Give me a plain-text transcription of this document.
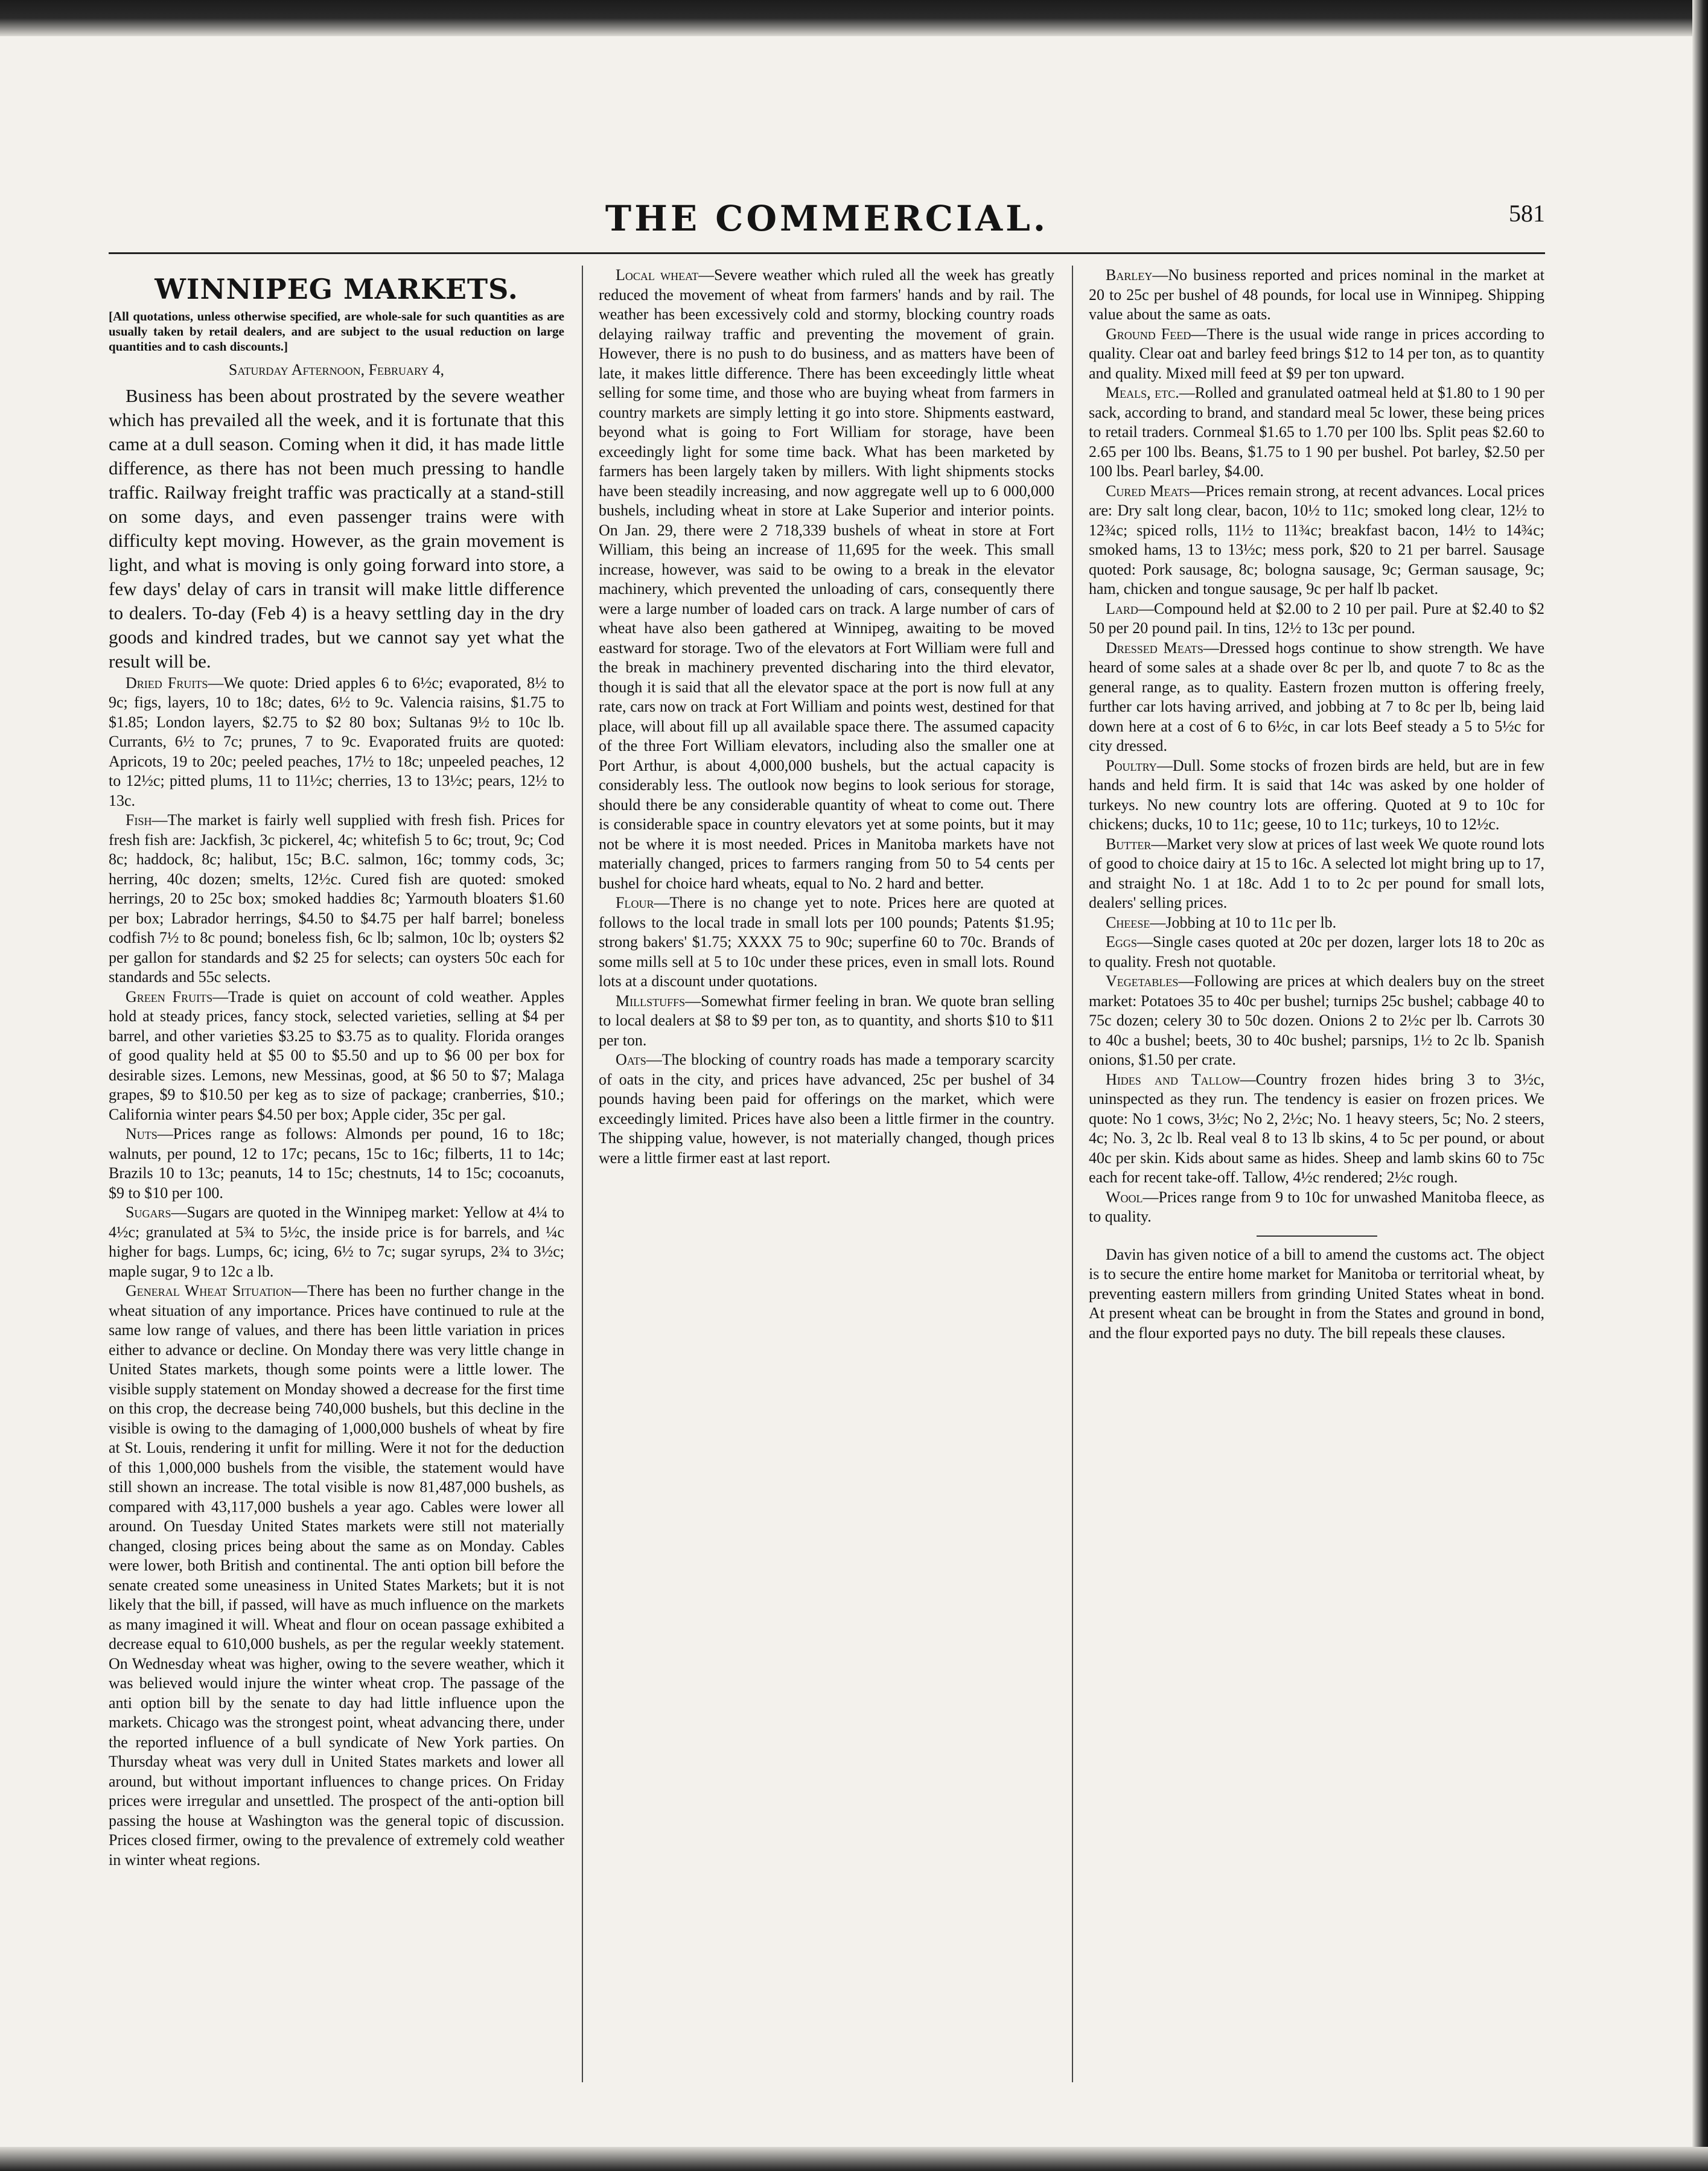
THE COMMERCIAL.	581
WINNIPEG MARKETS.
[All quotations, unless otherwise specified, are whole-sale for such quantities as are usually taken by retail dealers, and are subject to the usual reduction on large quantities and to cash discounts.]
Saturday Afternoon, February 4,

Business has been about prostrated by the severe weather which has prevailed all the week, and it is fortunate that this came at a dull season. Coming when it did, it has made little difference, as there has not been much pressing to handle traffic. Railway freight traffic was practically at a stand-still on some days, and even passenger trains were with difficulty kept moving. However, as the grain movement is light, and what is moving is only going forward into store, a few days' delay of cars in transit will make little difference to dealers. To-day (Feb 4) is a heavy settling day in the dry goods and kindred trades, but we cannot say yet what the result will be.

Dried Fruits—We quote: Dried apples 6 to 6½c; evaporated, 8½ to 9c; figs, layers, 10 to 18c; dates, 6½ to 9c. Valencia raisins, $1.75 to $1.85; London layers, $2.75 to $2 80 box; Sultanas 9½ to 10c lb. Currants, 6½ to 7c; prunes, 7 to 9c. Evaporated fruits are quoted: Apricots, 19 to 20c; peeled peaches, 17½ to 18c; unpeeled peaches, 12 to 12½c; pitted plums, 11 to 11½c; cherries, 13 to 13½c; pears, 12½ to 13c.

Fish—The market is fairly well supplied with fresh fish. Prices for fresh fish are: Jackfish, 3c pickerel, 4c; whitefish 5 to 6c; trout, 9c; Cod 8c; haddock, 8c; halibut, 15c; B.C. salmon, 16c; tommy cods, 3c; herring, 40c dozen; smelts, 12½c. Cured fish are quoted: smoked herrings, 20 to 25c box; smoked haddies 8c; Yarmouth bloaters $1.60 per box; Labrador herrings, $4.50 to $4.75 per half barrel; boneless codfish 7½ to 8c pound; boneless fish, 6c lb; salmon, 10c lb; oysters $2 per gallon for standards and $2 25 for selects; can oysters 50c each for standards and 55c selects.

Green Fruits—Trade is quiet on account of cold weather. Apples hold at steady prices, fancy stock, selected varieties, selling at $4 per barrel, and other varieties $3.25 to $3.75 as to quality. Florida oranges of good quality held at $5 00 to $5.50 and up to $6 00 per box for desirable sizes. Lemons, new Messinas, good, at $6 50 to $7; Malaga grapes, $9 to $10.50 per keg as to size of package; cranberries, $10.; California winter pears $4.50 per box; Apple cider, 35c per gal.

Nuts—Prices range as follows: Almonds per pound, 16 to 18c; walnuts, per pound, 12 to 17c; pecans, 15c to 16c; filberts, 11 to 14c; Brazils 10 to 13c; peanuts, 14 to 15c; chestnuts, 14 to 15c; cocoanuts, $9 to $10 per 100.

Sugars—Sugars are quoted in the Winnipeg market: Yellow at 4¼ to 4½c; granulated at 5¾ to 5½c, the inside price is for barrels, and ¼c higher for bags. Lumps, 6c; icing, 6½ to 7c; sugar syrups, 2¾ to 3½c; maple sugar, 9 to 12c a lb.

General Wheat Situation—There has been no further change in the wheat situation of any importance. Prices have continued to rule at the same low range of values, and there has been little variation in prices either to advance or decline. On Monday there was very little change in United States markets, though some points were a little lower. The visible supply statement on Monday showed a decrease for the first time on this crop, the decrease being 740,000 bushels, but this decline in the visible is owing to the damaging of 1,000,000 bushels of wheat by fire at St. Louis, rendering it unfit for milling. Were it not for the deduction of this 1,000,000 bushels from the visible, the statement would have still shown an increase. The total visible is now 81,487,000 bushels, as compared with 43,117,000 bushels a year ago. Cables were lower all around. On Tuesday United States markets were still not materially changed, closing prices being about the same as on Monday. Cables were lower, both British and continental. The anti option bill before the senate created some uneasiness in United States Markets; but it is not likely that the bill, if passed, will have as much influence on the markets as many imagined it will. Wheat and flour on ocean passage exhibited a decrease equal to 610,000 bushels, as per the regular weekly statement. On Wednesday wheat was higher, owing to the severe weather, which it was believed would injure the winter wheat crop. The passage of the anti option bill by the senate to day had little influence upon the markets. Chicago was the strongest point, wheat advancing there, under the reported influence of a bull syndicate of New York parties. On Thursday wheat was very dull in United States markets and lower all around, but without important influences to change prices. On Friday prices were irregular and unsettled. The prospect of the anti-option bill passing the house at Washington was the general topic of discussion. Prices closed firmer, owing to the prevalence of extremely cold weather in winter wheat regions.

Local wheat—Severe weather which ruled all the week has greatly reduced the movement of wheat from farmers' hands and by rail. The weather has been excessively cold and stormy, blocking country roads delaying railway traffic and preventing the movement of grain. However, there is no push to do business, and as matters have been of late, it makes little difference. There has been exceedingly little wheat selling for some time, and those who are buying wheat from farmers in country markets are simply letting it go into store. Shipments eastward, beyond what is going to Fort William for storage, have been exceedingly light for some time back. What has been marketed by farmers has been largely taken by millers. With light shipments stocks have been steadily increasing, and now aggregate well up to 6 000,000 bushels, including wheat in store at Lake Superior and interior points. On Jan. 29, there were 2 718,339 bushels of wheat in store at Fort William, this being an increase of 11,695 for the week. This small increase, however, was said to be owing to a break in the elevator machinery, which prevented the unloading of cars, consequently there were a large number of loaded cars on track. A large number of cars of wheat have also been gathered at Winnipeg, awaiting to be moved eastward for storage. Two of the elevators at Fort William were full and the break in machinery prevented discharing into the third elevator, though it is said that all the elevator space at the port is now full at any rate, cars now on track at Fort William and points west, destined for that place, will about fill up all available space there. The assumed capacity of the three Fort William elevators, including also the smaller one at Port Arthur, is about 4,000,000 bushels, but the actual capacity is considerably less. The outlook now begins to look serious for storage, should there be any considerable quantity of wheat to come out. There is considerable space in country elevators yet at some points, but it may not be where it is most needed. Prices in Manitoba markets have not materially changed, prices to farmers ranging from 50 to 54 cents per bushel for choice hard wheats, equal to No. 2 hard and better.

Flour—There is no change yet to note. Prices here are quoted at follows to the local trade in small lots per 100 pounds; Patents $1.95; strong bakers' $1.75; XXXX 75 to 90c; superfine 60 to 70c. Brands of some mills sell at 5 to 10c under these prices, even in small lots. Round lots at a discount under quotations.

Millstuffs—Somewhat firmer feeling in bran. We quote bran selling to local dealers at $8 to $9 per ton, as to quantity, and shorts $10 to $11 per ton.

Oats—The blocking of country roads has made a temporary scarcity of oats in the city, and prices have advanced, 25c per bushel of 34 pounds having been paid for offerings on the market, which were exceedingly limited. Prices have also been a little firmer in the country. The shipping value, however, is not materially changed, though prices were a little firmer east at last report.

Barley—No business reported and prices nominal in the market at 20 to 25c per bushel of 48 pounds, for local use in Winnipeg. Shipping value about the same as oats.

Ground Feed—There is the usual wide range in prices according to quality. Clear oat and barley feed brings $12 to 14 per ton, as to quantity and quality. Mixed mill feed at $9 per ton upward.

Meals, etc.—Rolled and granulated oatmeal held at $1.80 to 1 90 per sack, according to brand, and standard meal 5c lower, these being prices to retail traders. Cornmeal $1.65 to 1.70 per 100 lbs. Split peas $2.60 to 2.65 per 100 lbs. Beans, $1.75 to 1 90 per bushel. Pot barley, $2.50 per 100 lbs. Pearl barley, $4.00.

Cured Meats—Prices remain strong, at recent advances. Local prices are: Dry salt long clear, bacon, 10½ to 11c; smoked long clear, 12½ to 12¾c; spiced rolls, 11½ to 11¾c; breakfast bacon, 14½ to 14¾c; smoked hams, 13 to 13½c; mess pork, $20 to 21 per barrel. Sausage quoted: Pork sausage, 8c; bologna sausage, 9c; German sausage, 9c; ham, chicken and tongue sausage, 9c per half lb packet.

Lard—Compound held at $2.00 to 2 10 per pail. Pure at $2.40 to $2 50 per 20 pound pail. In tins, 12½ to 13c per pound.

Dressed Meats—Dressed hogs continue to show strength. We have heard of some sales at a shade over 8c per lb, and quote 7 to 8c as the general range, as to quality. Eastern frozen mutton is offering freely, further car lots having arrived, and jobbing at 7 to 8c per lb, being laid down here at a cost of 6 to 6½c, in car lots Beef steady a 5 to 5½c for city dressed.

Poultry—Dull. Some stocks of frozen birds are held, but are in few hands and held firm. It is said that 14c was asked by one holder of turkeys. No new country lots are offering. Quoted at 9 to 10c for chickens; ducks, 10 to 11c; geese, 10 to 11c; turkeys, 10 to 12½c.

Butter—Market very slow at prices of last week We quote round lots of good to choice dairy at 15 to 16c. A selected lot might bring up to 17, and straight No. 1 at 18c. Add 1 to to 2c per pound for small lots, dealers' selling prices.

Cheese—Jobbing at 10 to 11c per lb.

Eggs—Single cases quoted at 20c per dozen, larger lots 18 to 20c as to quality. Fresh not quotable.

Vegetables—Following are prices at which dealers buy on the street market: Potatoes 35 to 40c per bushel; turnips 25c bushel; cabbage 40 to 75c dozen; celery 30 to 50c dozen. Onions 2 to 2½c per lb. Carrots 30 to 40c a bushel; beets, 30 to 40c bushel; parsnips, 1½ to 2c lb. Spanish onions, $1.50 per crate.

Hides and Tallow—Country frozen hides bring 3 to 3½c, uninspected as they run. The tendency is easier on frozen prices. We quote: No 1 cows, 3½c; No 2, 2½c; No. 1 heavy steers, 5c; No. 2 steers, 4c; No. 3, 2c lb. Real veal 8 to 13 lb skins, 4 to 5c per pound, or about 40c per skin. Kids about same as hides. Sheep and lamb skins 60 to 75c each for recent take-off. Tallow, 4½c rendered; 2½c rough.

Wool—Prices range from 9 to 10c for unwashed Manitoba fleece, as to quality.

Davin has given notice of a bill to amend the customs act. The object is to secure the entire home market for Manitoba or territorial wheat, by preventing eastern millers from grinding United States wheat in bond. At present wheat can be brought in from the States and ground in bond, and the flour exported pays no duty. The bill repeals these clauses.
